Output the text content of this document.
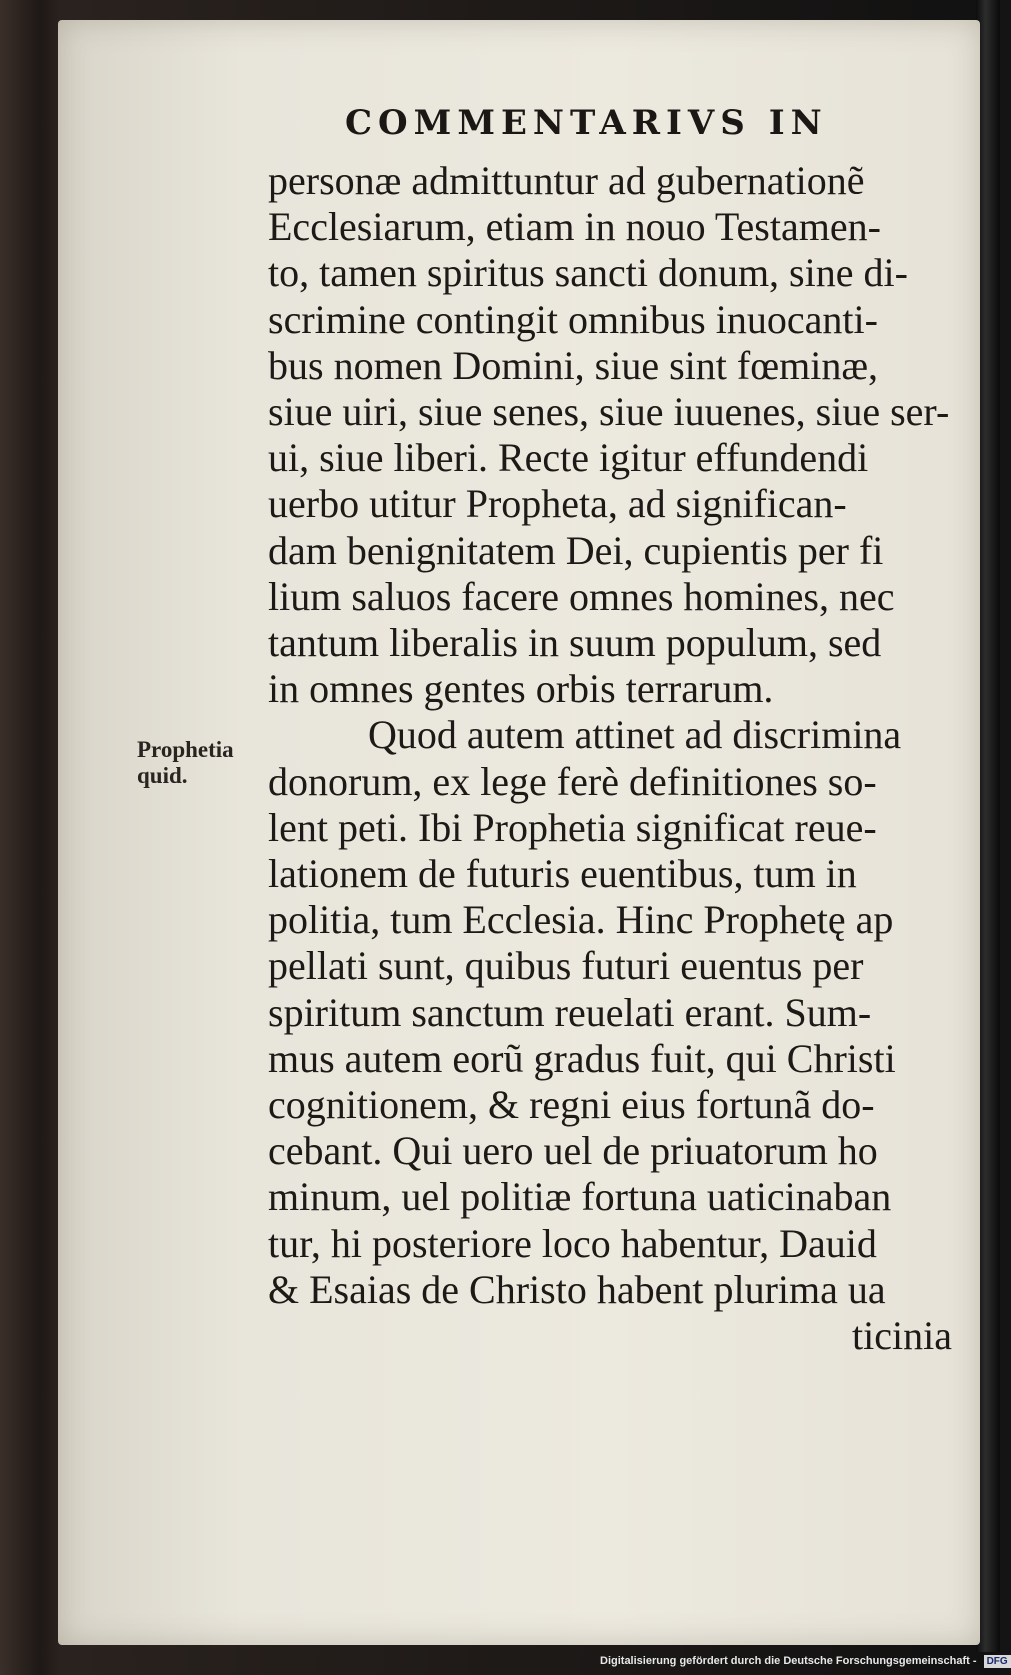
COMMENTARIVS IN
Prophetia
quid.
personæ admittuntur ad gubernationẽ
Ecclesiarum, etiam in nouo Testamen-
to, tamen spiritus sancti donum, sine di-
scrimine contingit omnibus inuocanti-
bus nomen Domini, siue sint fœminæ,
siue uiri, siue senes, siue iuuenes, siue ser-
ui, siue liberi. Recte igitur effundendi
uerbo utitur Propheta, ad significan-
dam benignitatem Dei, cupientis per fi
lium saluos facere omnes homines, nec
tantum liberalis in suum populum, sed
in omnes gentes orbis terrarum.
Quod autem attinet ad discrimina
donorum, ex lege ferè definitiones so-
lent peti. Ibi Prophetia significat reue-
lationem de futuris euentibus, tum in
politia, tum Ecclesia. Hinc Prophetę ap
pellati sunt, quibus futuri euentus per
spiritum sanctum reuelati erant. Sum-
mus autem eorũ gradus fuit, qui Christi
cognitionem, & regni eius fortunã do-
cebant. Qui uero uel de priuatorum ho
minum, uel politiæ fortuna uaticinaban
tur, hi posteriore loco habentur, Dauid
& Esaias de Christo habent plurima ua
ticinia
Digitalisierung gefördert durch die Deutsche Forschungsgemeinschaft - DFG
